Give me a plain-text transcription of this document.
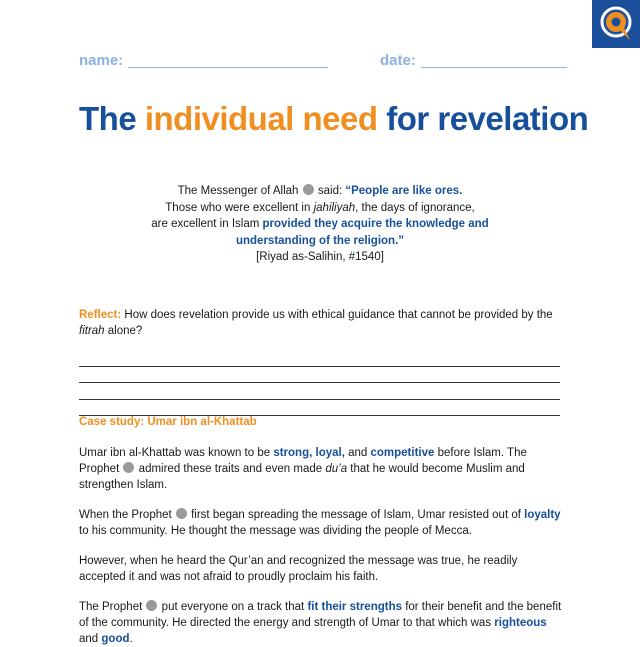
name:	date:
The individual need for revelation
The Messenger of Allah  said: “People are like ores.
Those who were excellent in jahiliyah, the days of ignorance,
are excellent in Islam provided they acquire the knowledge and understanding of the religion.”
[Riyad as-Salihin, #1540]
Reflect: How does revelation provide us with ethical guidance that cannot be provided by the fitrah alone?
Case study: Umar ibn al-Khattab
Umar ibn al-Khattab was known to be strong, loyal, and competitive before Islam. The Prophet  admired these traits and even made du’a that he would become Muslim and strengthen Islam.
When the Prophet  first began spreading the message of Islam, Umar resisted out of loyalty to his community. He thought the message was dividing the people of Mecca.
However, when he heard the Qur’an and recognized the message was true, he readily accepted it and was not afraid to proudly proclaim his faith.
The Prophet  put everyone on a track that fit their strengths for their benefit and the benefit of the community. He directed the energy and strength of Umar to that which was righteous and good.
